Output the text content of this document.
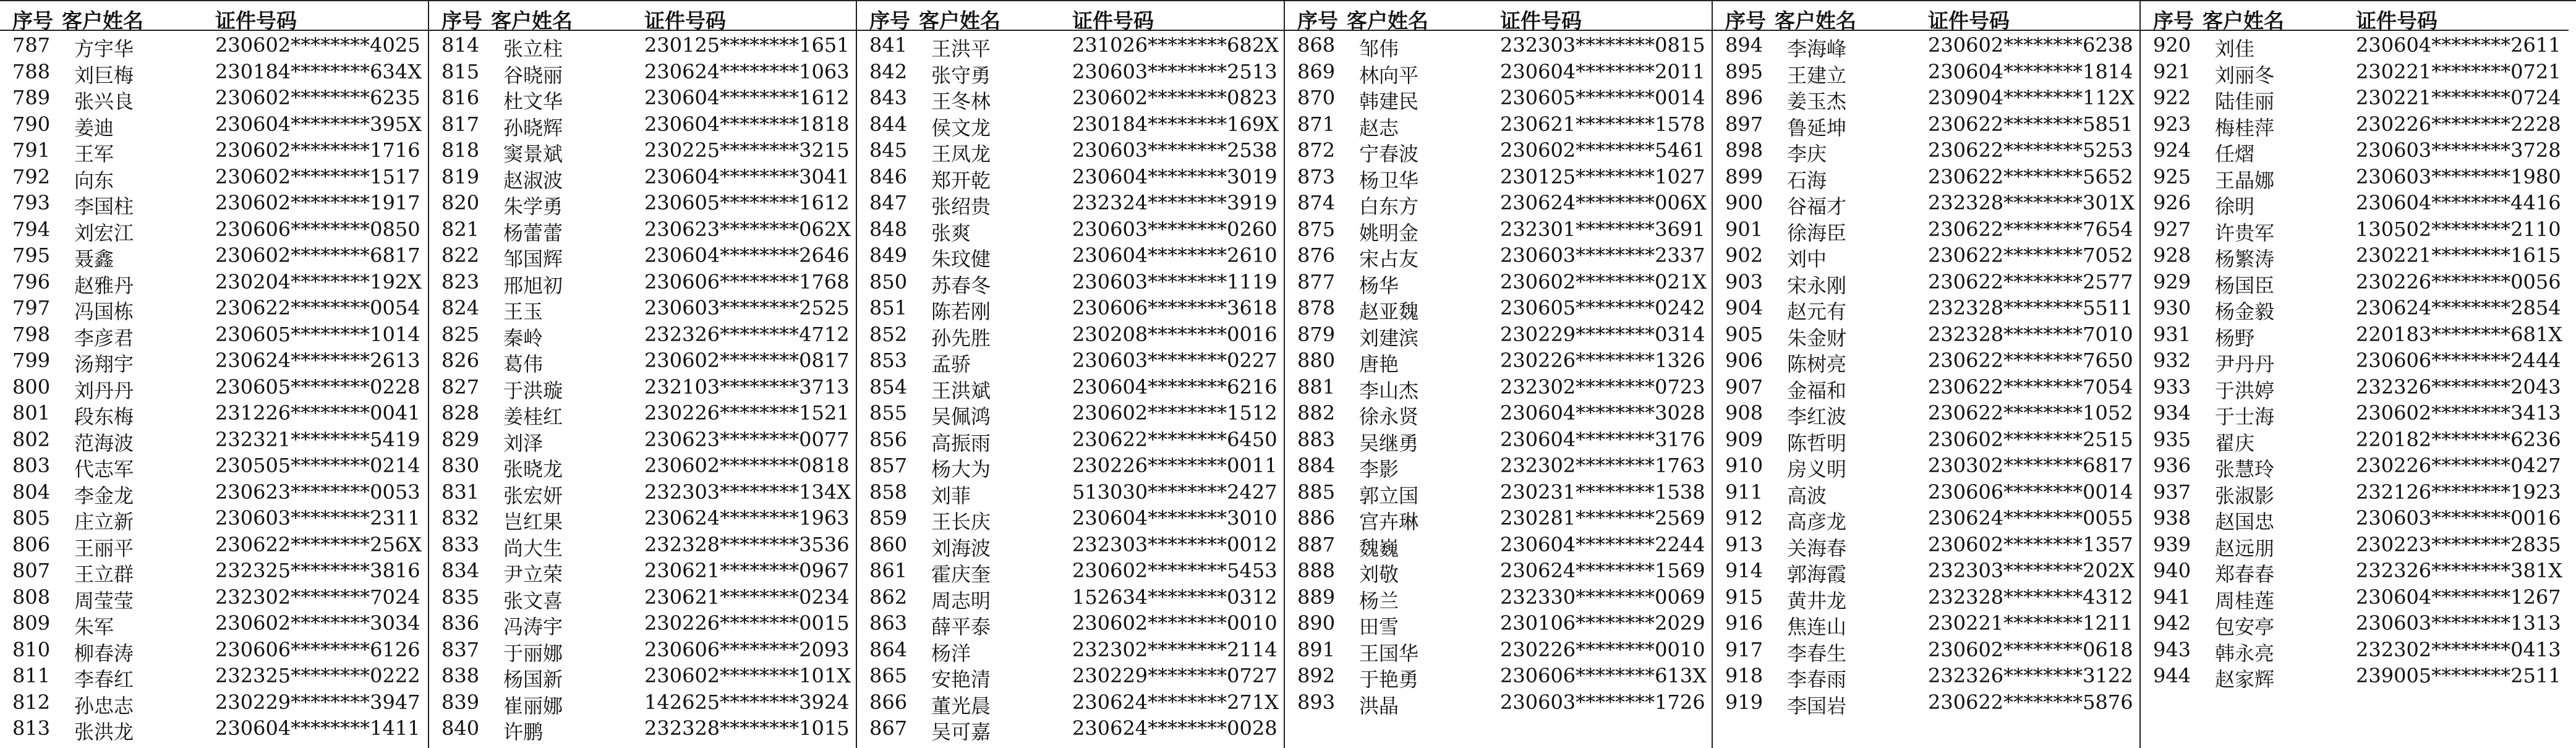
序号 客户姓名	证件号码
787 方宇华	230602********4025
788 刘巨梅	230184********634X
789 张兴良	230602********6235
790 姜迪	230604********395X
791 王军	230602********1716
792 向东	230602********1517
793 李国柱	230602********1917
794 刘宏江	230606********0850
795 聂鑫	230602********6817
796 赵雅丹	230204********192X
797 冯国栋	230622********0054
798 李彦君	230605********1014
799 汤翔宇	230624********2613
800 刘丹丹	230605********0228
801 段东梅	231226********0041
802 范海波	232321********5419
803 代志军	230505********0214
804 李金龙	230623********0053
805 庄立新	230603********2311
806 王丽平	230622********256X
807 王立群	232325********3816
808 周莹莹	232302********7024
809 朱军	230602********3034
810 柳春涛	230606********6126
811 李春红	232325********0222
812 孙忠志	230229********3947
813 张洪龙	230604********1411
序号 客户姓名	证件号码
814 张立柱	230125********1651
815 谷晓丽	230624********1063
816 杜文华	230604********1612
817 孙晓辉	230604********1818
818 窦景斌	230225********3215
819 赵淑波	230604********3041
820 朱学勇	230605********1612
821 杨蕾蕾	230623********062X
822 邹国辉	230604********2646
823 邢旭初	230606********1768
824 王玉	230603********2525
825 秦岭	232326********4712
826 葛伟	230602********0817
827 于洪璇	232103********3713
828 姜桂红	230226********1521
829 刘泽	230623********0077
830 张晓龙	230602********0818
831 张宏妍	232303********134X
832 岂红果	230624********1963
833 尚大生	232328********3536
834 尹立荣	230621********0967
835 张文喜	230621********0234
836 冯涛宇	230226********0015
837 于丽娜	230606********2093
838 杨国新	230602********101X
839 崔丽娜	142625********3924
840 许鹏	232328********1015
序号 客户姓名	证件号码
841 王洪平	231026********682X
842 张守勇	230603********2513
843 王冬林	230602********0823
844 侯文龙	230184********169X
845 王凤龙	230603********2538
846 郑开乾	230604********3019
847 张绍贵	232324********3919
848 张爽	230603********0260
849 朱玟健	230604********2610
850 苏春冬	230603********1119
851 陈若刚	230606********3618
852 孙先胜	230208********0016
853 孟骄	230603********0227
854 王洪斌	230604********6216
855 吴佩鸿	230602********1512
856 高振雨	230622********6450
857 杨大为	230226********0011
858 刘菲	513030********2427
859 王长庆	230604********3010
860 刘海波	232303********0012
861 霍庆奎	230602********5453
862 周志明	152634********0312
863 薛平泰	230602********0010
864 杨洋	232302********2114
865 安艳清	230229********0727
866 董光晨	230624********271X
867 吴可嘉	230624********0028
序号 客户姓名	证件号码
868 邹伟	232303********0815
869 林向平	230604********2011
870 韩建民	230605********0014
871 赵志	230621********1578
872 宁春波	230602********5461
873 杨卫华	230125********1027
874 白东方	230624********006X
875 姚明金	232301********3691
876 宋占友	230603********2337
877 杨华	230602********021X
878 赵亚魏	230605********0242
879 刘建滨	230229********0314
880 唐艳	230226********1326
881 李山杰	232302********0723
882 徐永贤	230604********3028
883 吴继勇	230604********3176
884 李影	232302********1763
885 郭立国	230231********1538
886 宫卉琳	230281********2569
887 魏巍	230604********2244
888 刘敬	230624********1569
889 杨兰	232330********0069
890 田雪	230106********2029
891 王国华	230226********0010
892 于艳勇	230606********613X
893 洪晶	230603********1726
序号 客户姓名	证件号码
894 李海峰	230602********6238
895 王建立	230604********1814
896 姜玉杰	230904********112X
897 鲁延坤	230622********5851
898 李庆	230622********5253
899 石海	230622********5652
900 谷福才	232328********301X
901 徐海臣	230622********7654
902 刘中	230622********7052
903 宋永刚	230622********2577
904 赵元有	232328********5511
905 朱金财	232328********7010
906 陈树亮	230622********7650
907 金福和	230622********7054
908 李红波	230622********1052
909 陈哲明	230602********2515
910 房义明	230302********6817
911 高波	230606********0014
912 高彦龙	230624********0055
913 关海春	230602********1357
914 郭海霞	232303********202X
915 黄井龙	232328********4312
916 焦连山	230221********1211
917 李春生	230602********0618
918 李春雨	232326********3122
919 李国岩	230622********5876
序号 客户姓名	证件号码
920 刘佳	230604********2611
921 刘丽冬	230221********0721
922 陆佳丽	230221********0724
923 梅桂萍	230226********2228
924 任熠	230603********3728
925 王晶娜	230603********1980
926 徐明	230604********4416
927 许贵军	130502********2110
928 杨繁涛	230221********1615
929 杨国臣	230226********0056
930 杨金毅	230624********2854
931 杨野	220183********681X
932 尹丹丹	230606********2444
933 于洪婷	232326********2043
934 于士海	230602********3413
935 翟庆	220182********6236
936 张慧玲	230226********0427
937 张淑影	232126********1923
938 赵国忠	230603********0016
939 赵远朋	230223********2835
940 郑春春	232326********381X
941 周桂莲	230604********1267
942 包安亭	230603********1313
943 韩永亮	232302********0413
944 赵家辉	239005********2511
